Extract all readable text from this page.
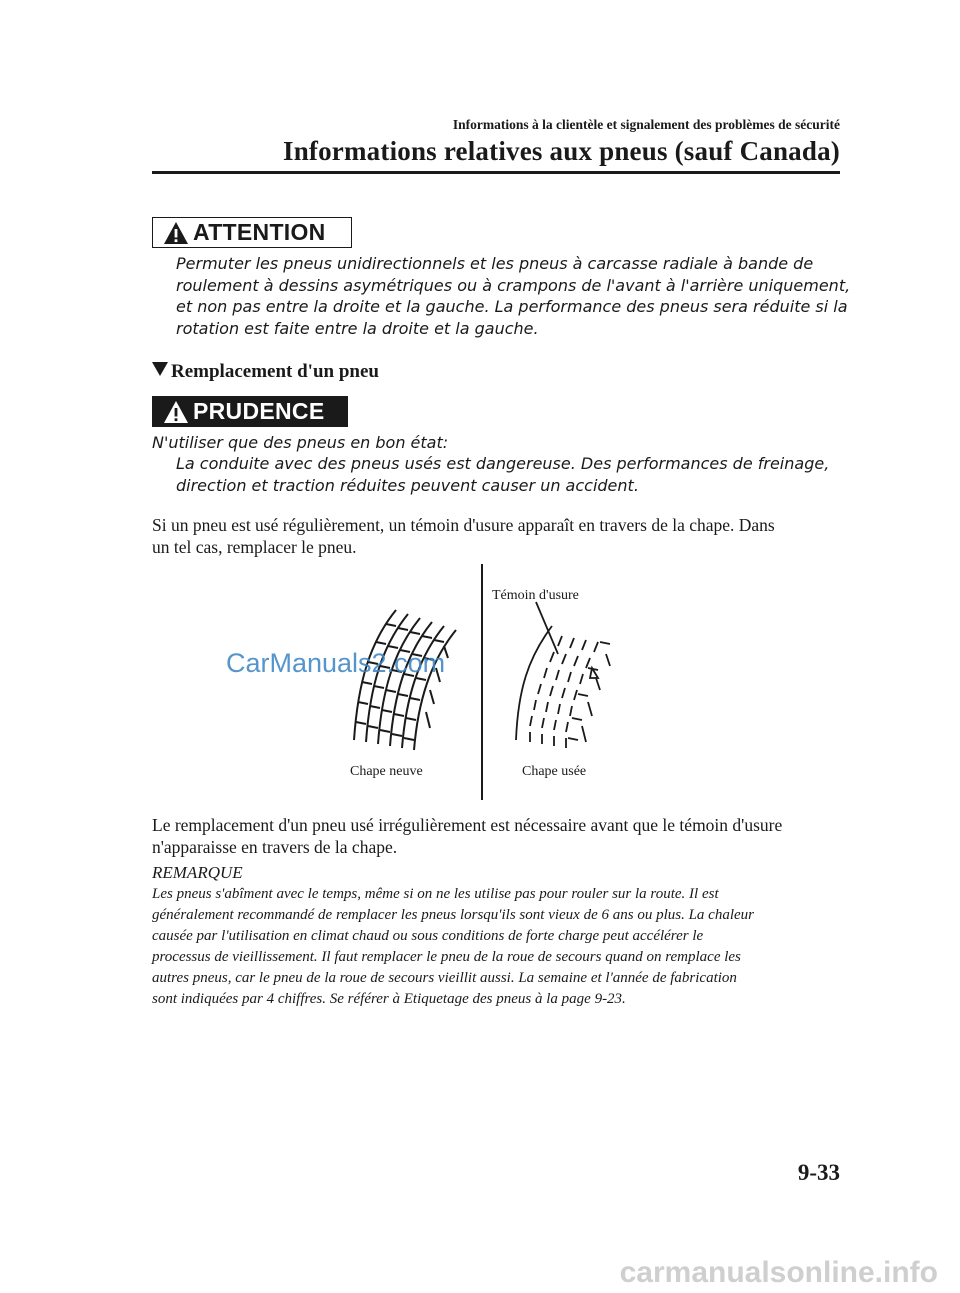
Informations à la clientèle et signalement des problèmes de sécurité
Informations relatives aux pneus (sauf Canada)
ATTENTION
Permuter les pneus unidirectionnels et les pneus à carcasse radiale à bande de
roulement à dessins asymétriques ou à crampons de l'avant à l'arrière uniquement,
et non pas entre la droite et la gauche. La performance des pneus sera réduite si la
rotation est faite entre la droite et la gauche.
Remplacement d'un pneu
PRUDENCE
N'utiliser que des pneus en bon état:
La conduite avec des pneus usés est dangereuse. Des performances de freinage,
direction et traction réduites peuvent causer un accident.
Si un pneu est usé régulièrement, un témoin d'usure apparaît en travers de la chape. Dans
un tel cas, remplacer le pneu.
Témoin d'usure
Chape neuve	Chape usée
CarManuals2.com
Le remplacement d'un pneu usé irrégulièrement est nécessaire avant que le témoin d'usure
n'apparaisse en travers de la chape.
REMARQUE
Les pneus s'abîment avec le temps, même si on ne les utilise pas pour rouler sur la route. Il est
généralement recommandé de remplacer les pneus lorsqu'ils sont vieux de 6 ans ou plus. La chaleur
causée par l'utilisation en climat chaud ou sous conditions de forte charge peut accélérer le
processus de vieillissement. Il faut remplacer le pneu de la roue de secours quand on remplace les
autres pneus, car le pneu de la roue de secours vieillit aussi. La semaine et l'année de fabrication
sont indiquées par 4 chiffres. Se référer à Etiquetage des pneus à la page 9-23.
9-33
carmanualsonline.info
